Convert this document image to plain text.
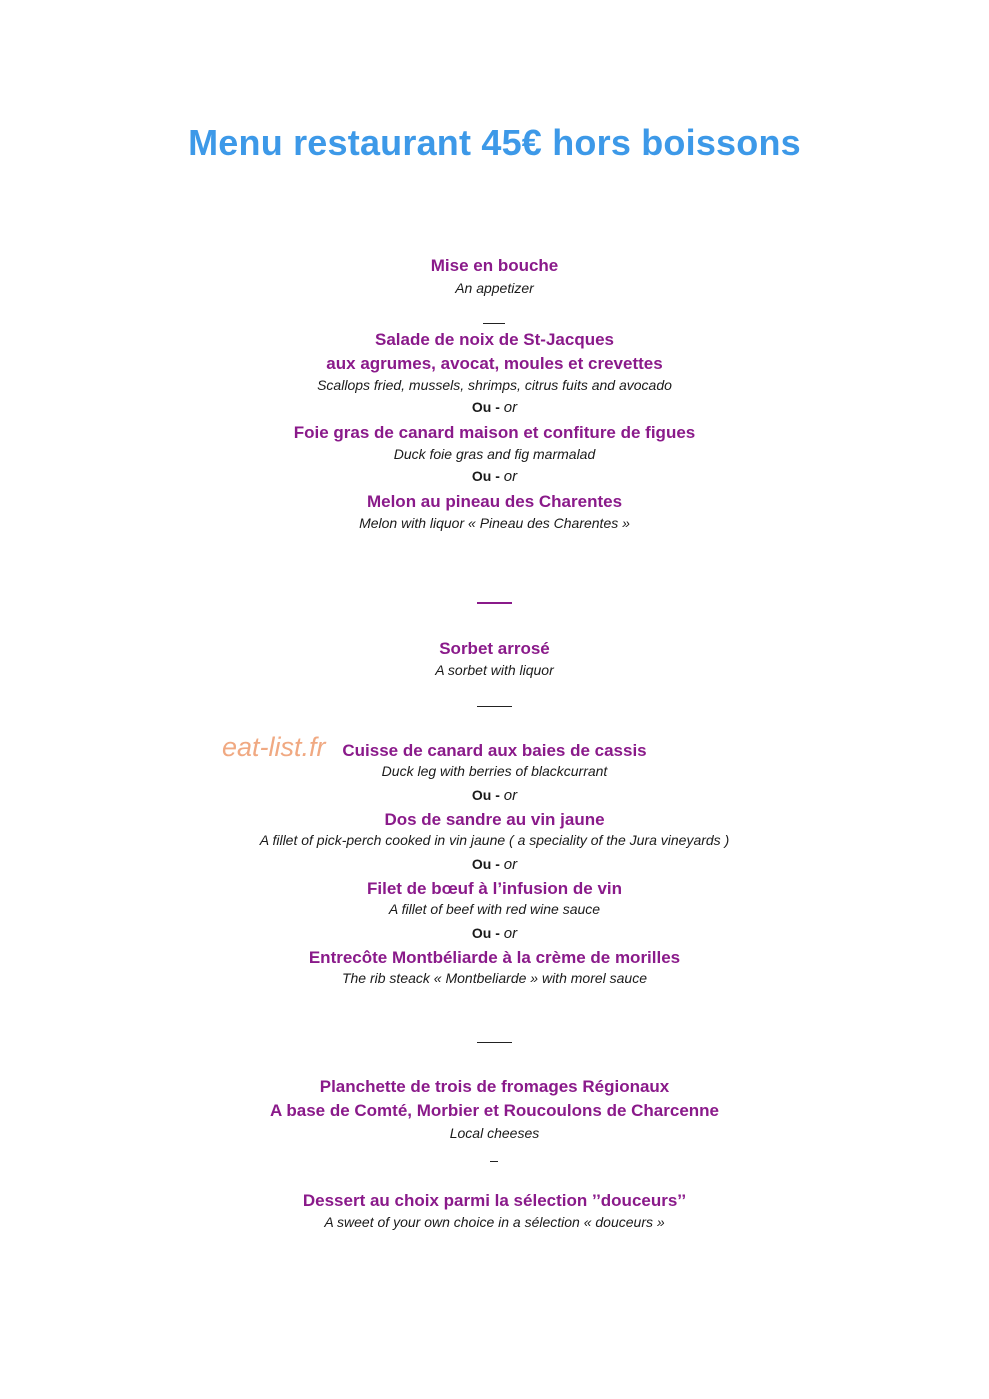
Menu restaurant 45€ hors boissons
Mise en bouche
An appetizer
Salade de noix de St-Jacques
aux agrumes, avocat, moules et crevettes
Scallops fried, mussels, shrimps, citrus fuits and avocado
Ou - or
Foie gras de canard maison et confiture de figues
Duck foie gras and fig marmalad
Ou - or
Melon au pineau des Charentes
Melon with liquor « Pineau des Charentes »
Sorbet arrosé
A sorbet with liquor
eat-list.fr Cuisse de canard aux baies de cassis
Duck leg with berries of blackcurrant
Ou - or
Dos de sandre au vin jaune
A fillet of pick-perch cooked in vin jaune ( a speciality of the Jura vineyards )
Ou - or
Filet de bœuf à l’infusion de vin
A fillet of beef with red wine sauce
Ou - or
Entrecôte Montbéliarde à la crème de morilles
The rib steack « Montbeliarde » with morel sauce
Planchette de trois de fromages Régionaux
A base de Comté, Morbier et Roucoulons de Charcenne
Local cheeses
Dessert au choix parmi la sélection ’’douceurs’’
A sweet of your own choice in a sélection « douceurs »
